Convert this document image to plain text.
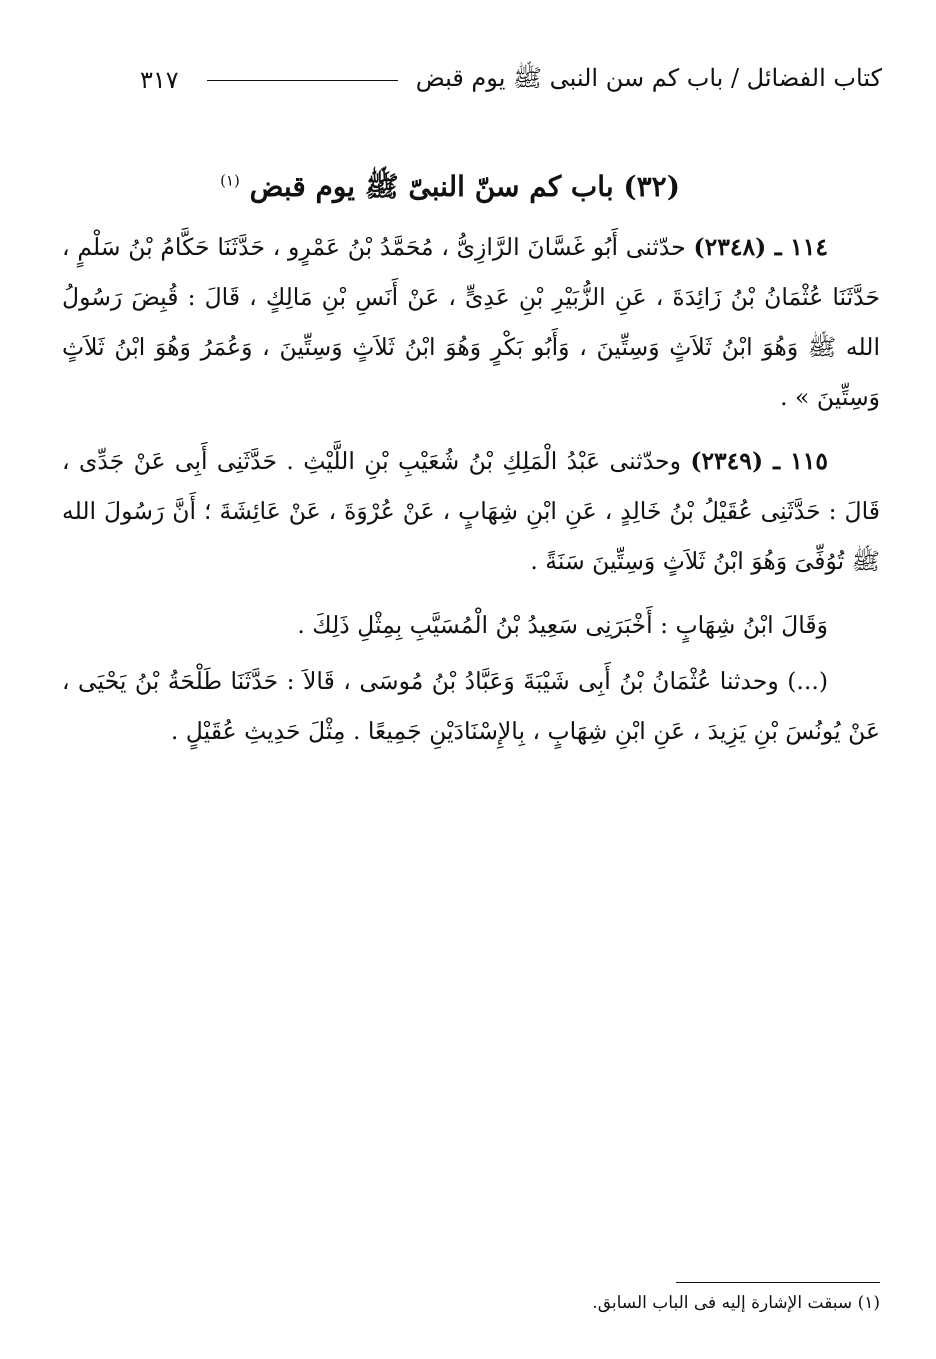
٣١٧	كتاب الفضائل / باب كم سن النبى ﷺ يوم قبض
(٣٢) باب كم سنّ النبىّ ﷺ يوم قبض $^{(١)}$

١١٤ ـ (٢٣٤٨) حدّثنى أَبُو غَسَّانَ الرَّازِىُّ ، مُحَمَّدُ بْنُ عَمْرٍو ، حَدَّثَنَا حَكَّامُ بْنُ سَلْمٍ ، حَدَّثَنَا عُثْمَانُ بْنُ زَائِدَةَ ، عَنِ الزُّبَيْرِ بْنِ عَدِىٍّ ، عَنْ أَنَسِ بْنِ مَالِكٍ ، قَالَ : قُبِضَ رَسُولُ الله ﷺ وَهُوَ ابْنُ ثَلاَثٍ وَسِتِّينَ ، وَأَبُو بَكْرٍ وَهُوَ ابْنُ ثَلاَثٍ وَسِتِّينَ ، وَعُمَرُ وَهُوَ ابْنُ ثَلاَثٍ وَسِتِّينَ » .

١١٥ ـ (٢٣٤٩) وحدّثنى عَبْدُ الْمَلِكِ بْنُ شُعَيْبِ بْنِ اللَّيْثِ . حَدَّثَنِى أَبِى عَنْ جَدِّى ، قَالَ : حَدَّثَنِى عُقَيْلُ بْنُ خَالِدٍ ، عَنِ ابْنِ شِهَابٍ ، عَنْ عُرْوَةَ ، عَنْ عَائِشَةَ ؛ أَنَّ رَسُولَ الله ﷺ تُوُفِّىَ وَهُوَ ابْنُ ثَلاَثٍ وَسِتِّينَ سَنَةً .

وَقَالَ ابْنُ شِهَابٍ : أَخْبَرَنِى سَعِيدُ بْنُ الْمُسَيَّبِ بِمِثْلِ ذَلِكَ .

(...) وحدثنا عُثْمَانُ بْنُ أَبِى شَيْبَةَ وَعَبَّادُ بْنُ مُوسَى ، قَالاَ : حَدَّثَنَا طَلْحَةُ بْنُ يَحْيَى ، عَنْ يُونُسَ بْنِ يَزِيدَ ، عَنِ ابْنِ شِهَابٍ ، بِالإِسْنَادَيْنِ جَمِيعًا . مِثْلَ حَدِيثِ عُقَيْلٍ .

(١) سبقت الإشارة إليه فى الباب السابق.
